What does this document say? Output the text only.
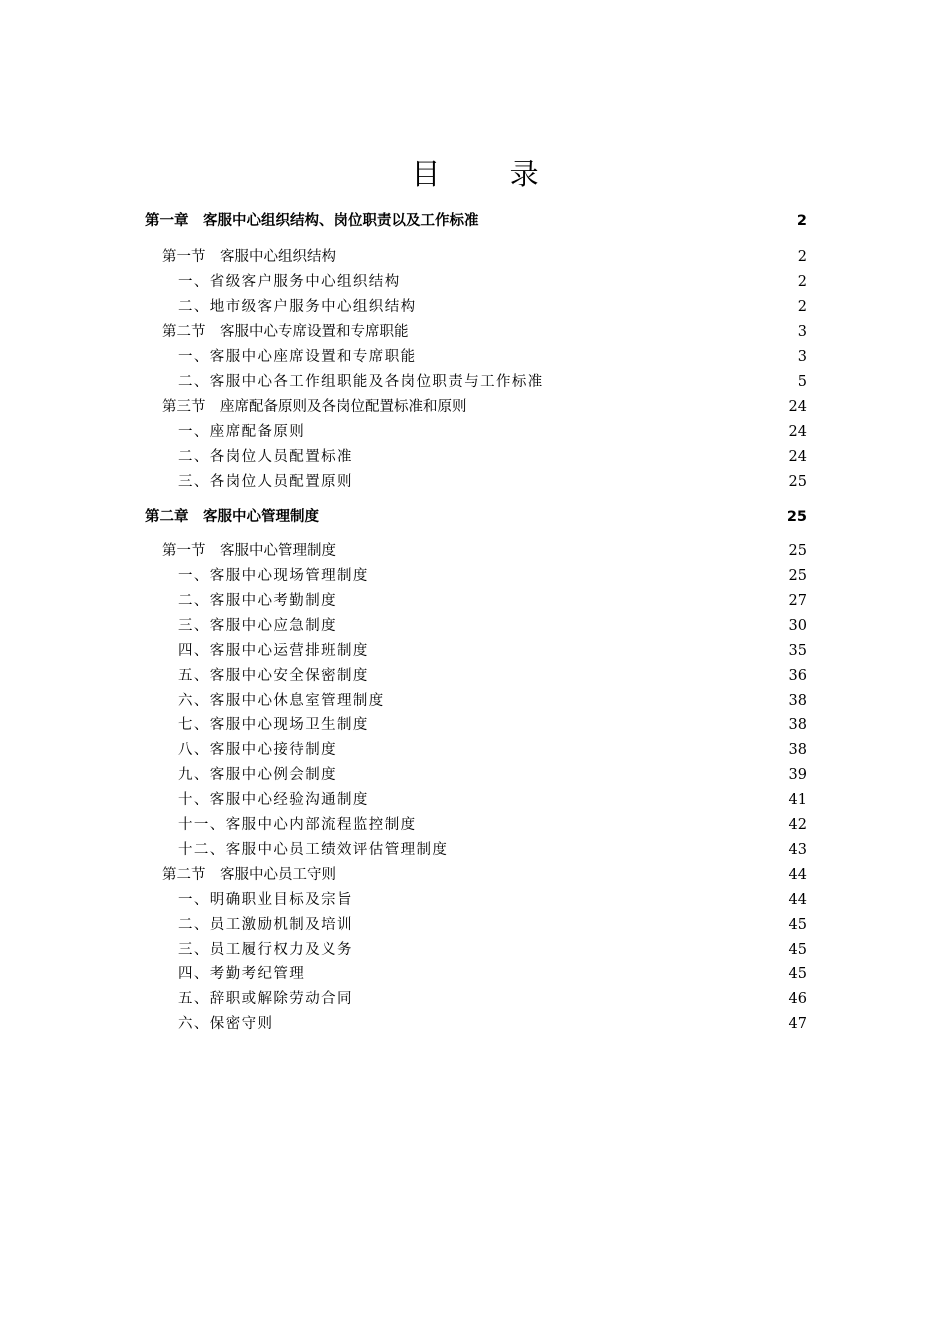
目 录
第一章　客服中心组织结构、岗位职责以及工作标准	2
第一节　客服中心组织结构	2
一、省级客户服务中心组织结构	2
二、地市级客户服务中心组织结构	2
第二节　客服中心专席设置和专席职能	3
一、客服中心座席设置和专席职能	3
二、客服中心各工作组职能及各岗位职责与工作标准	5
第三节　座席配备原则及各岗位配置标准和原则	24
一、座席配备原则	24
二、各岗位人员配置标准	24
三、各岗位人员配置原则	25
第二章　客服中心管理制度	25
第一节　客服中心管理制度	25
一、客服中心现场管理制度	25
二、客服中心考勤制度	27
三、客服中心应急制度	30
四、客服中心运营排班制度	35
五、客服中心安全保密制度	36
六、客服中心休息室管理制度	38
七、客服中心现场卫生制度	38
八、客服中心接待制度	38
九、客服中心例会制度	39
十、客服中心经验沟通制度	41
十一、客服中心内部流程监控制度	42
十二、客服中心员工绩效评估管理制度	43
第二节　客服中心员工守则	44
一、明确职业目标及宗旨	44
二、员工激励机制及培训	45
三、员工履行权力及义务	45
四、考勤考纪管理	45
五、辞职或解除劳动合同	46
六、保密守则	47
